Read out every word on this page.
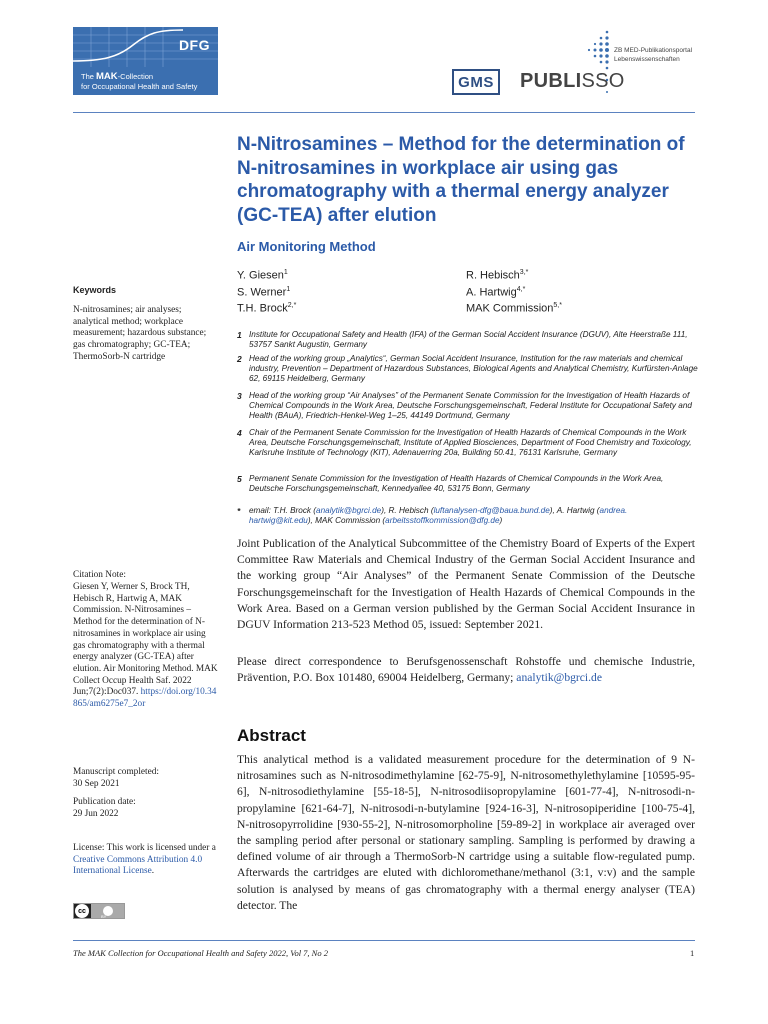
DFG
The MAK-Collection
for Occupational Health and Safety	GMS
ZB MED-Publikationsportal
Lebenswissenschaften
PUBLISSO
N-Nitrosamines – Method for the determination of N-nitrosamines in workplace air using gas chromatography with a thermal energy analyzer (GC-TEA) after elution
Air Monitoring Method
Y. Giesen$^1$
S. Werner$^1$
T.H. Brock$^{2,*}$
R. Hebisch$^{3,*}$
A. Hartwig$^{4,*}$
MAK Commission$^{5,*}$
1 Institute for Occupational Safety and Health (IFA) of the German Social Accident Insurance (DGUV), Alte Heerstraße 111, 53757 Sankt Augustin, Germany
2 Head of the working group „Analytics“, German Social Accident Insurance, Institution for the raw materials and chemical industry, Prevention – Department of Hazardous Substances, Biological Agents and Analytical Chemistry, Kurfürsten-Anlage 62, 69115 Heidelberg, Germany
3 Head of the working group “Air Analyses” of the Permanent Senate Commission for the Investigation of Health Hazards of Chemical Compounds in the Work Area, Deutsche Forschungsgemeinschaft, Federal Institute for Occupational Safety and Health (BAuA), Friedrich-Henkel-Weg 1–25, 44149 Dortmund, Germany
4 Chair of the Permanent Senate Commission for the Investigation of Health Hazards of Chemical Compounds in the Work Area, Deutsche Forschungsgemeinschaft, Institute of Applied Biosciences, Department of Food Chemistry and Toxicology, Karlsruhe Institute of Technology (KIT), Adenauerring 20a, Building 50.41, 76131 Karlsruhe, Germany
5 Permanent Senate Commission for the Investigation of Health Hazards of Chemical Compounds in the Work Area, Deutsche Forschungsgemeinschaft, Kennedyallee 40, 53175 Bonn, Germany
* email: T.H. Brock (analytik@bgrci.de), R. Hebisch (luftanalysen-dfg@baua.bund.de), A. Hartwig (andrea.
hartwig@kit.edu), MAK Commission (arbeitsstoffkommission@dfg.de)
Joint Publication of the Analytical Subcommittee of the Chemistry Board of Experts of the Expert Committee Raw Materials and Chemical Industry of the German Social Accident Insurance and the working group “Air Analyses” of the Permanent Senate Commission of the Deutsche Forschungsgemeinschaft for the Investigation of Health Hazards of Chemical Compounds in the Work Area. Based on a German version published by the German Social Accident Insurance in DGUV Information 213-523 Method 05, issued: September 2021.
Please direct correspondence to Berufsgenossenschaft Rohstoffe und chemische Industrie, Prävention, P.O. Box 101480, 69004 Heidelberg, Germany; analytik@bgrci.de
Abstract
This analytical method is a validated measurement procedure for the determination of 9 N-nitrosamines such as N-nitrosodimethylamine [62-75-9], N-nitrosomethylethylamine [10595-95-6], N-nitrosodiethylamine [55-18-5], N-nitrosodiisopropylamine [601-77-4], N-nitrosodi-n-propylamine [621-64-7], N-nitrosodi-n-butylamine [924-16-3], N-nitrosopiperidine [100-75-4], N-nitrosopyrrolidine [930-55-2], N-nitrosomorpholine [59-89-2] in workplace air averaged over the sampling period after personal or stationary sampling. Sampling is performed by drawing a defined volume of air through a ThermoSorb-N cartridge using a suitable flow-regulated pump. Afterwards the cartridges are eluted with dichloromethane/methanol (3:1, v:v) and the sample solution is analysed by means of gas chromatography with a thermal energy analyser (TEA) detector. The
Keywords
N-nitrosamines; air analyses; analytical method; workplace measurement; hazardous substance; gas chromatography; GC-TEA; ThermoSorb-N cartridge
Citation Note:
Giesen Y, Werner S, Brock TH, Hebisch R, Hartwig A, MAK Commission. N-Nitrosamines – Method for the determination of N-nitrosamines in workplace air using gas chromatography with a thermal energy analyzer (GC-TEA) after elution. Air Monitoring Method. MAK Collect Occup Health Saf. 2022 Jun;7(2):Doc037. https://doi.org/10.34865/am6275e7_2or
Manuscript completed:
30 Sep 2021
Publication date:
29 Jun 2022
License: This work is licensed under a Creative Commons Attribution 4.0 International License.
cc
BY
The MAK Collection for Occupational Health and Safety 2022, Vol 7, No 2	1
